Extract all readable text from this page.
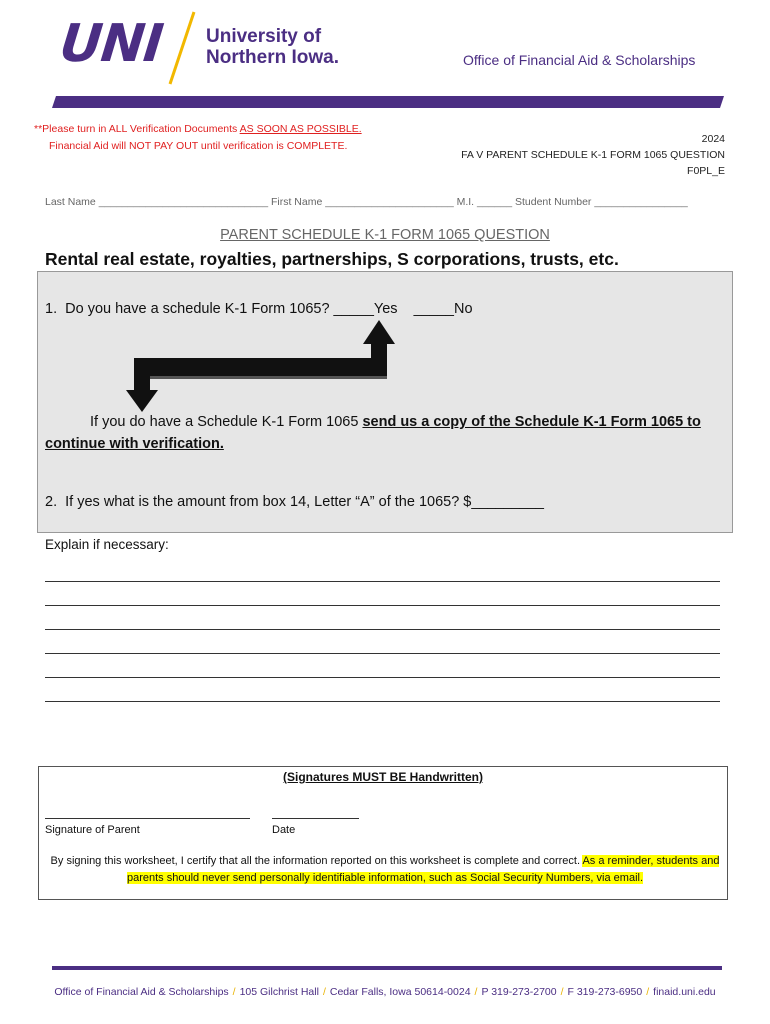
UNI University of
Northern Iowa.	Office of Financial Aid & Scholarships
**Please turn in ALL Verification Documents AS SOON AS POSSIBLE.
Financial Aid will NOT PAY OUT until verification is COMPLETE.
2024
FA V PARENT SCHEDULE K-1 FORM 1065 QUESTION
F0PL_E
Last Name _____________________________ First Name ______________________ M.I. ______ Student Number ________________
PARENT SCHEDULE K-1 FORM 1065 QUESTION
Rental real estate, royalties, partnerships, S corporations, trusts, etc.
1.  Do you have a schedule K-1 Form 1065? _____Yes    _____No
If you do have a Schedule K-1 Form 1065 send us a copy of the Schedule K-1 Form 1065 to continue with verification.
2.  If yes what is the amount from box 14, Letter “A” of the 1065? $_________
Explain if necessary:
(Signatures MUST BE Handwritten)
Signature of Parent	Date
By signing this worksheet, I certify that all the information reported on this worksheet is complete and correct. As a reminder, students and parents should never send personally identifiable information, such as Social Security Numbers, via email.
Office of Financial Aid & Scholarships / 105 Gilchrist Hall / Cedar Falls, Iowa 50614-0024 / P 319-273-2700 / F 319-273-6950 / finaid.uni.edu
